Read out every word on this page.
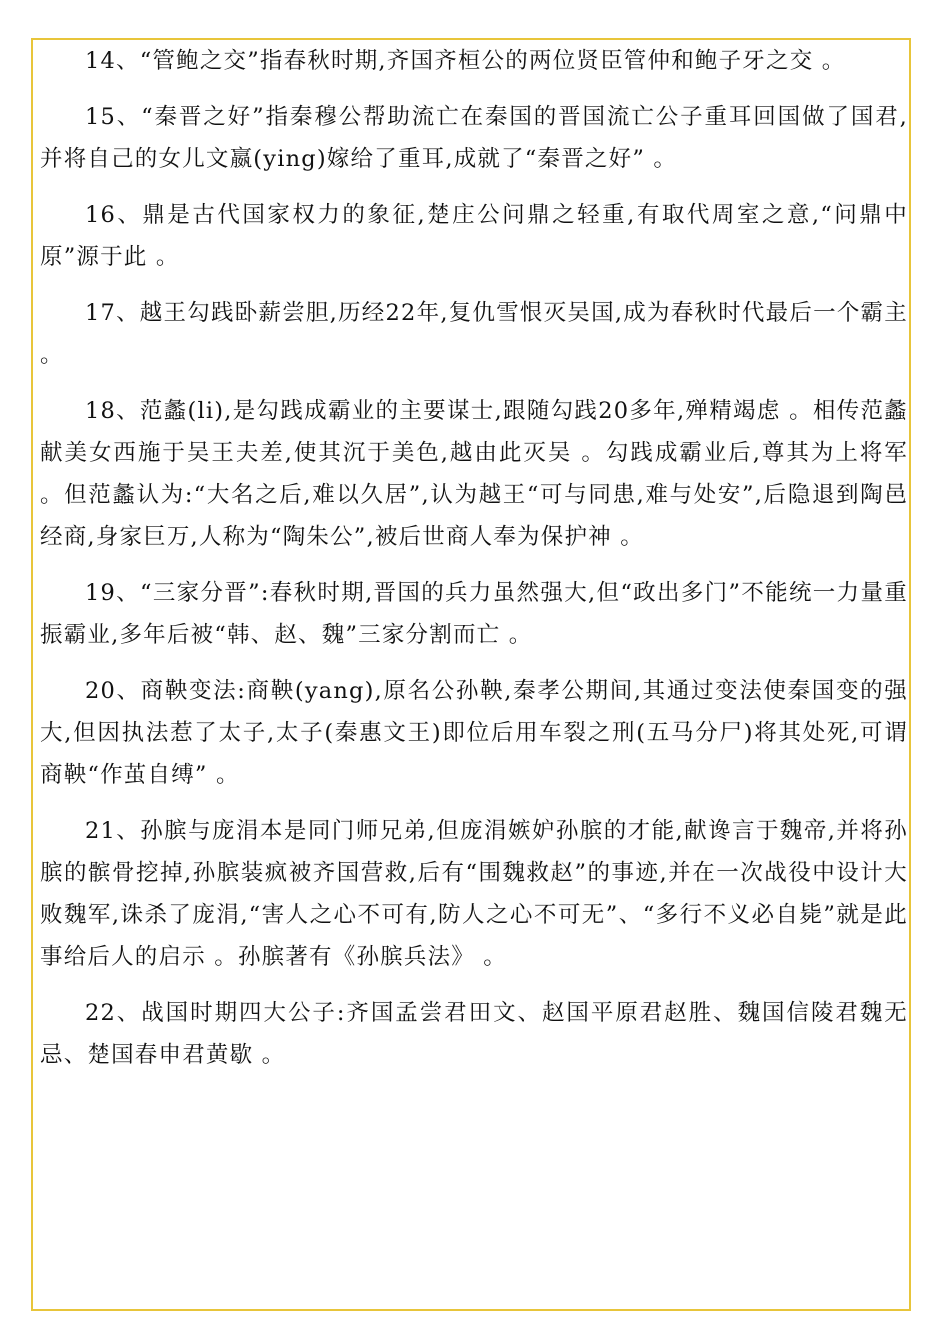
14、“管鲍之交”指春秋时期,齐国齐桓公的两位贤臣管仲和鲍子牙之交 。

15、“秦晋之好”指秦穆公帮助流亡在秦国的晋国流亡公子重耳回国做了国君,并将自己的女儿文嬴(ying)嫁给了重耳,成就了“秦晋之好” 。

16、鼎是古代国家权力的象征,楚庄公问鼎之轻重,有取代周室之意,“问鼎中原”源于此 。

17、越王勾践卧薪尝胆,历经22年,复仇雪恨灭吴国,成为春秋时代最后一个霸主 。

18、范蠡(li),是勾践成霸业的主要谋士,跟随勾践20多年,殚精竭虑 。相传范蠡献美女西施于吴王夫差,使其沉于美色,越由此灭吴 。勾践成霸业后,尊其为上将军 。但范蠡认为:“大名之后,难以久居”,认为越王“可与同患,难与处安”,后隐退到陶邑经商,身家巨万,人称为“陶朱公”,被后世商人奉为保护神 。

19、“三家分晋”:春秋时期,晋国的兵力虽然强大,但“政出多门”不能统一力量重振霸业,多年后被“韩、赵、魏”三家分割而亡 。

20、商鞅变法:商鞅(yang),原名公孙鞅,秦孝公期间,其通过变法使秦国变的强大,但因执法惹了太子,太子(秦惠文王)即位后用车裂之刑(五马分尸)将其处死,可谓商鞅“作茧自缚” 。

21、孙膑与庞涓本是同门师兄弟,但庞涓嫉妒孙膑的才能,献谗言于魏帝,并将孙膑的髌骨挖掉,孙膑装疯被齐国营救,后有“围魏救赵”的事迹,并在一次战役中设计大败魏军,诛杀了庞涓,“害人之心不可有,防人之心不可无”、“多行不义必自毙”就是此事给后人的启示 。孙膑著有《孙膑兵法》 。

22、战国时期四大公子:齐国孟尝君田文、赵国平原君赵胜、魏国信陵君魏无忌、楚国春申君黄歇 。
